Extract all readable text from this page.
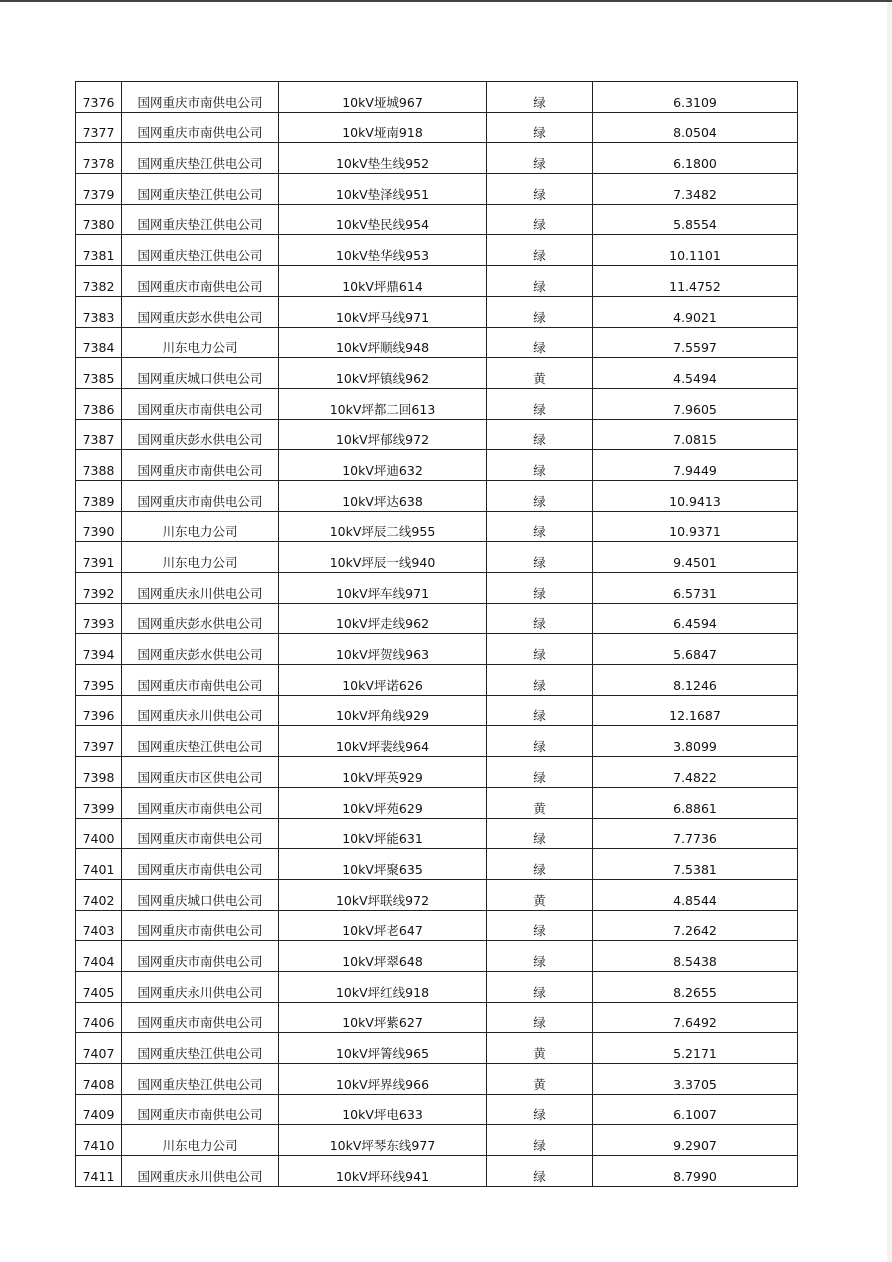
7376	国网重庆市南供电公司	10kV垭城967	绿	6.3109
7377	国网重庆市南供电公司	10kV垭南918	绿	8.0504
7378	国网重庆垫江供电公司	10kV垫生线952	绿	6.1800
7379	国网重庆垫江供电公司	10kV垫泽线951	绿	7.3482
7380	国网重庆垫江供电公司	10kV垫民线954	绿	5.8554
7381	国网重庆垫江供电公司	10kV垫华线953	绿	10.1101
7382	国网重庆市南供电公司	10kV坪鼎614	绿	11.4752
7383	国网重庆彭水供电公司	10kV坪马线971	绿	4.9021
7384	川东电力公司	10kV坪顺线948	绿	7.5597
7385	国网重庆城口供电公司	10kV坪镇线962	黄	4.5494
7386	国网重庆市南供电公司	10kV坪都二回613	绿	7.9605
7387	国网重庆彭水供电公司	10kV坪郁线972	绿	7.0815
7388	国网重庆市南供电公司	10kV坪迪632	绿	7.9449
7389	国网重庆市南供电公司	10kV坪达638	绿	10.9413
7390	川东电力公司	10kV坪辰二线955	绿	10.9371
7391	川东电力公司	10kV坪辰一线940	绿	9.4501
7392	国网重庆永川供电公司	10kV坪车线971	绿	6.5731
7393	国网重庆彭水供电公司	10kV坪走线962	绿	6.4594
7394	国网重庆彭水供电公司	10kV坪贺线963	绿	5.6847
7395	国网重庆市南供电公司	10kV坪诺626	绿	8.1246
7396	国网重庆永川供电公司	10kV坪角线929	绿	12.1687
7397	国网重庆垫江供电公司	10kV坪裴线964	绿	3.8099
7398	国网重庆市区供电公司	10kV坪英929	绿	7.4822
7399	国网重庆市南供电公司	10kV坪苑629	黄	6.8861
7400	国网重庆市南供电公司	10kV坪能631	绿	7.7736
7401	国网重庆市南供电公司	10kV坪聚635	绿	7.5381
7402	国网重庆城口供电公司	10kV坪联线972	黄	4.8544
7403	国网重庆市南供电公司	10kV坪老647	绿	7.2642
7404	国网重庆市南供电公司	10kV坪翠648	绿	8.5438
7405	国网重庆永川供电公司	10kV坪红线918	绿	8.2655
7406	国网重庆市南供电公司	10kV坪紫627	绿	7.6492
7407	国网重庆垫江供电公司	10kV坪箐线965	黄	5.2171
7408	国网重庆垫江供电公司	10kV坪界线966	黄	3.3705
7409	国网重庆市南供电公司	10kV坪电633	绿	6.1007
7410	川东电力公司	10kV坪琴东线977	绿	9.2907
7411	国网重庆永川供电公司	10kV坪环线941	绿	8.7990
